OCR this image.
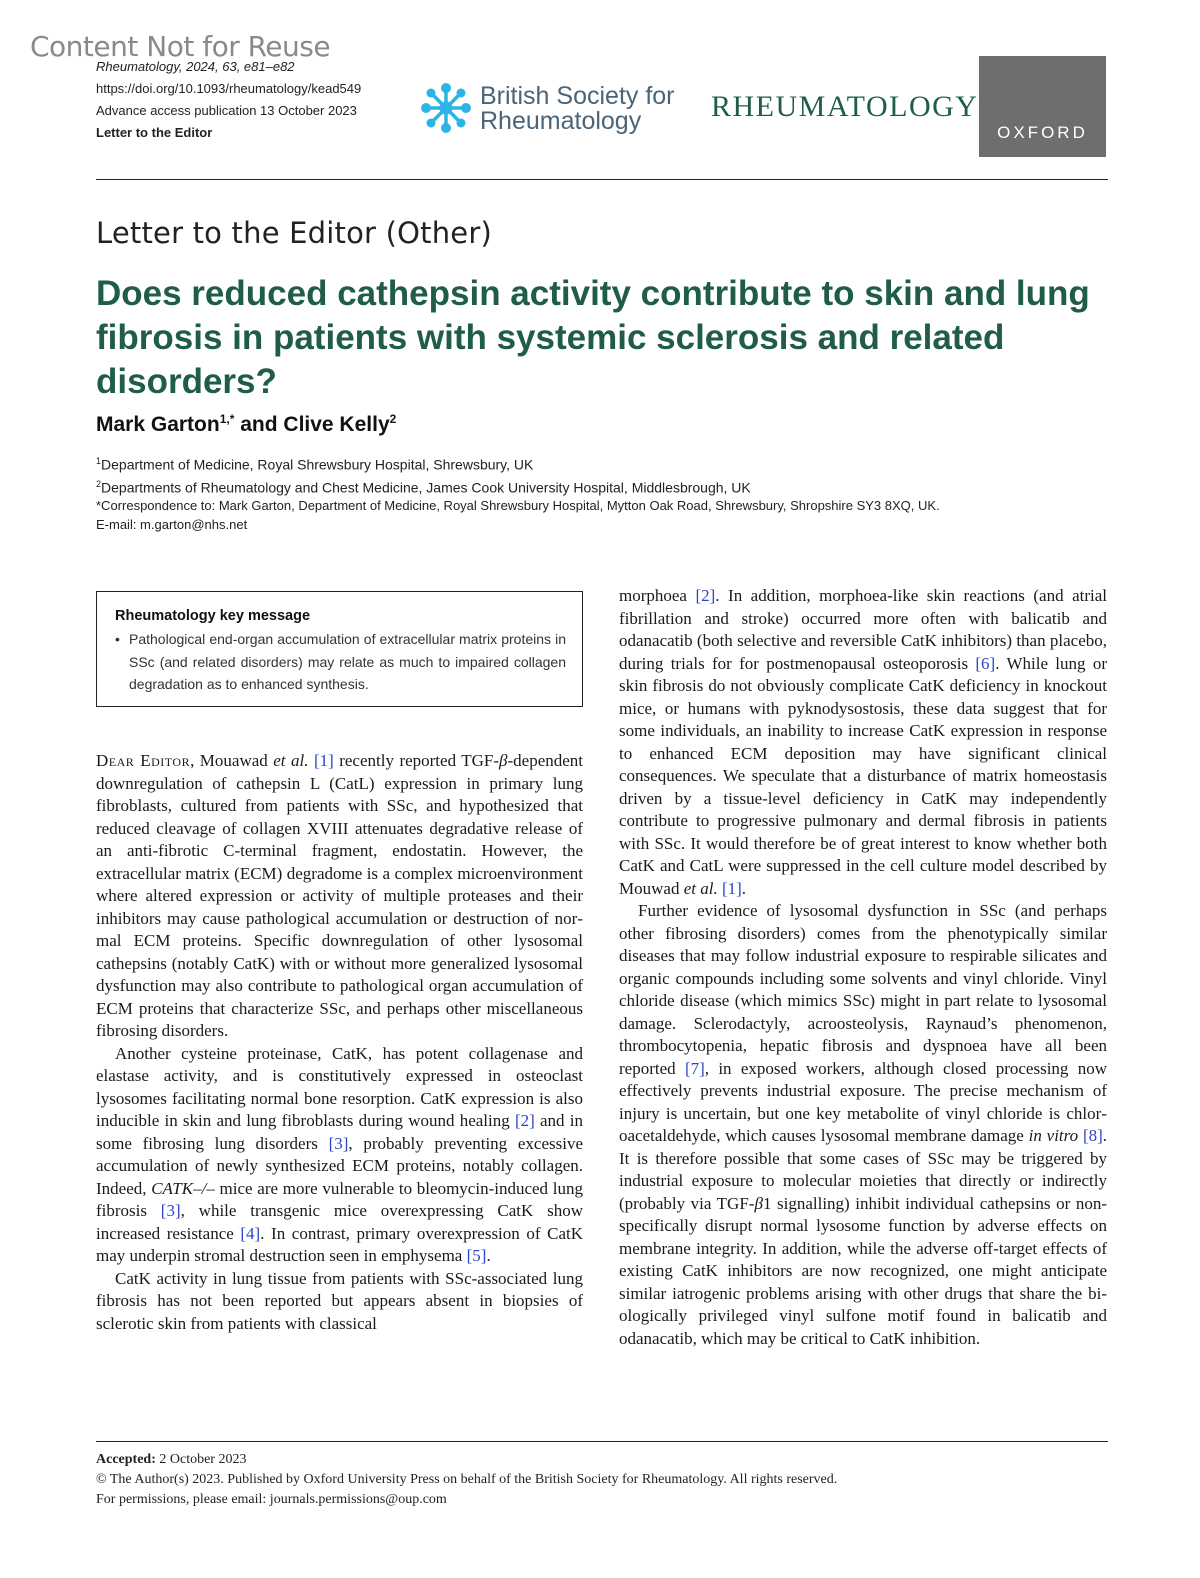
Content Not for Reuse
Rheumatology, 2024, 63, e81–e82
https://doi.org/10.1093/rheumatology/kead549
Advance access publication 13 October 2023
Letter to the Editor
British Society for
Rheumatology	RHEUMATOLOGY
OXFORD
Letter to the Editor (Other)
Does reduced cathepsin activity contribute to skin and lung fibrosis in patients with systemic sclerosis and related disorders?
Mark Garton$^{1,*}$ and Clive Kelly$^2$
$^1$Department of Medicine, Royal Shrewsbury Hospital, Shrewsbury, UK
$^2$Departments of Rheumatology and Chest Medicine, James Cook University Hospital, Middlesbrough, UK
*Correspondence to: Mark Garton, Department of Medicine, Royal Shrewsbury Hospital, Mytton Oak Road, Shrewsbury, Shropshire SY3 8XQ, UK.
E-mail: m.garton@nhs.net
Rheumatology key message
• Pathological end-organ accumulation of extracellular matrix proteins in SSc (and related disorders) may relate as much to impaired collagen degradation as to enhanced synthesis.

Dear Editor, Mouawad et al. [1] recently reported TGF-β-dependent downregulation of cathepsin L (CatL) expression in primary lung fibroblasts, cultured from patients with SSc, and hypothesized that reduced cleavage of collagen XVIII attenuates degradative release of an anti-fibrotic C-terminal fragment, endostatin. However, the extracellular matrix (ECM) degradome is a complex microenvironment where altered expression or activity of multiple proteases and their inhibitors may cause pathological accumulation or destruction of normal ECM proteins. Specific downregulation of other lysosomal cathepsins (notably CatK) with or without more generalized lysosomal dysfunction may also contribute to pathological organ accumulation of ECM proteins that characterize SSc, and perhaps other miscellaneous fibrosing disorders.

Another cysteine proteinase, CatK, has potent collagenase and elastase activity, and is constitutively expressed in osteoclast lysosomes facilitating normal bone resorption. CatK expression is also inducible in skin and lung fibroblasts during wound healing [2] and in some fibrosing lung disorders [3], probably preventing excessive accumulation of newly synthesized ECM proteins, notably collagen. Indeed, CATK–/– mice are more vulnerable to bleomycin-induced lung fibrosis [3], while transgenic mice overexpressing CatK show increased resistance [4]. In contrast, primary overexpression of CatK may underpin stromal destruction seen in emphysema [5].

CatK activity in lung tissue from patients with SSc-associated lung fibrosis has not been reported but appears absent in biopsies of sclerotic skin from patients with classical

morphoea [2]. In addition, morphoea-like skin reactions (and atrial fibrillation and stroke) occurred more often with balicatib and odanacatib (both selective and reversible CatK inhibitors) than placebo, during trials for for postmenopausal osteoporosis [6]. While lung or skin fibrosis do not obviously complicate CatK deficiency in knockout mice, or humans with pyknodysostosis, these data suggest that for some individuals, an inability to increase CatK expression in response to enhanced ECM deposition may have significant clinical consequences. We speculate that a disturbance of matrix homeostasis driven by a tissue-level deficiency in CatK may independently contribute to progressive pulmonary and dermal fibrosis in patients with SSc. It would therefore be of great interest to know whether both CatK and CatL were suppressed in the cell culture model described by Mouwad et al. [1].

Further evidence of lysosomal dysfunction in SSc (and perhaps other fibrosing disorders) comes from the phenotypically similar diseases that may follow industrial exposure to respirable silicates and organic compounds including some solvents and vinyl chloride. Vinyl chloride disease (which mimics SSc) might in part relate to lysosomal damage. Sclerodactyly, acroosteolysis, Raynaud’s phenomenon, thrombocytopenia, hepatic fibrosis and dyspnoea have all been reported [7], in exposed workers, although closed processing now effectively prevents industrial exposure. The precise mechanism of injury is uncertain, but one key metabolite of vinyl chloride is chloroacetaldehyde, which causes lysosomal membrane damage in vitro [8]. It is therefore possible that some cases of SSc may be triggered by industrial exposure to molecular moieties that directly or indirectly (probably via TGF-β1 signalling) inhibit individual cathepsins or non-specifically disrupt normal lysosome function by adverse effects on membrane integrity. In addition, while the adverse off-target effects of existing CatK inhibitors are now recognized, one might anticipate similar iatrogenic problems arising with other drugs that share the biologically privileged vinyl sulfone motif found in balicatib and odanacatib, which may be critical to CatK inhibition.

Accepted: 2 October 2023
© The Author(s) 2023. Published by Oxford University Press on behalf of the British Society for Rheumatology. All rights reserved.
For permissions, please email: journals.permissions@oup.com
